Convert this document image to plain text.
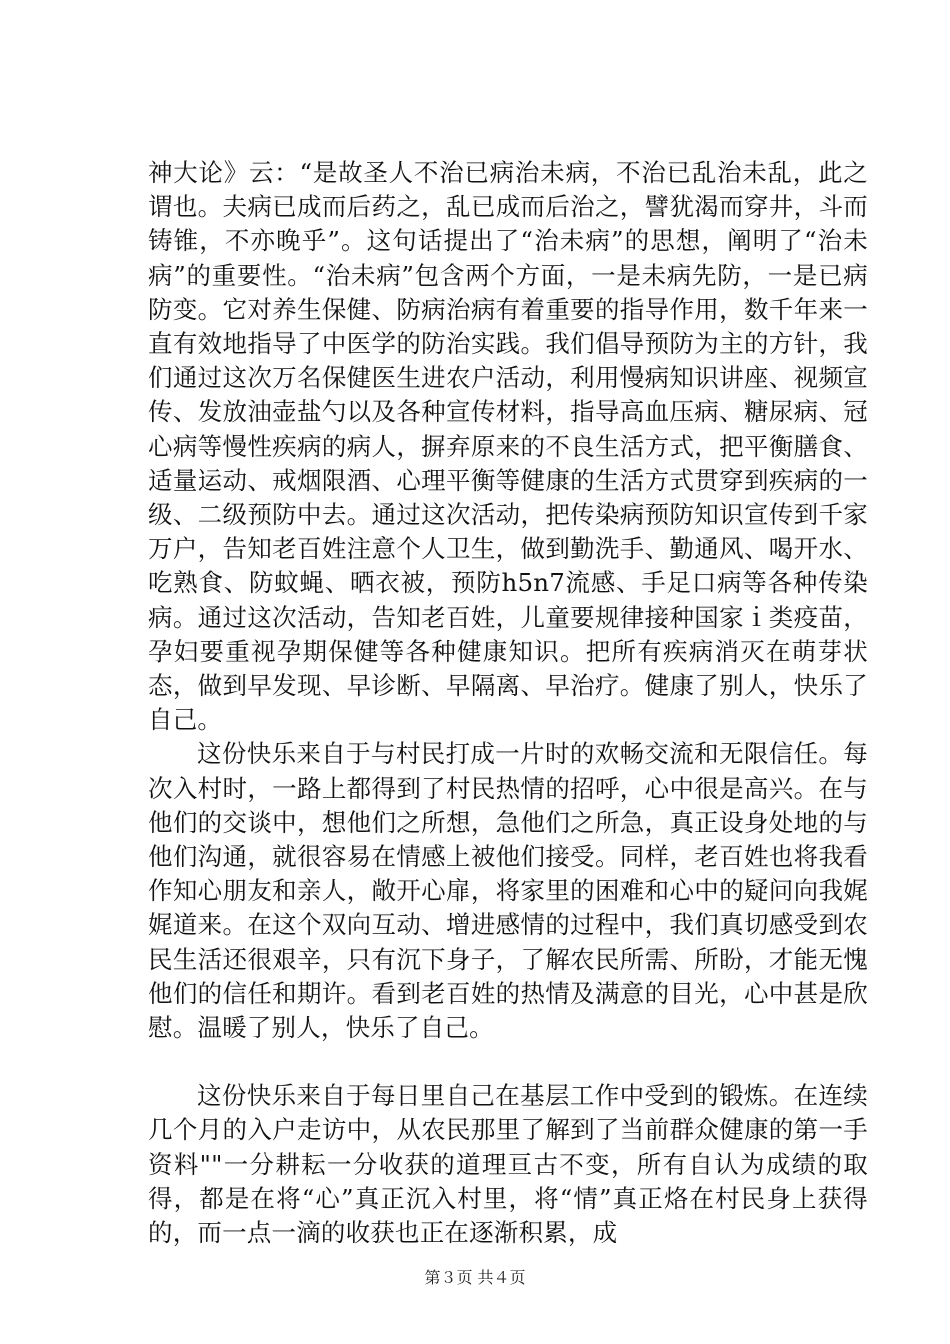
神大论》云：“是故圣人不治已病治未病，不治已乱治未乱，此之谓也。夫病已成而后药之，乱已成而后治之，譬犹渴而穿井，斗而铸锥，不亦晚乎”。这句话提出了“治未病”的思想，阐明了“治未病”的重要性。“治未病”包含两个方面，一是未病先防，一是已病防变。它对养生保健、防病治病有着重要的指导作用，数千年来一直有效地指导了中医学的防治实践。我们倡导预防为主的方针，我们通过这次万名保健医生进农户活动，利用慢病知识讲座、视频宣传、发放油壶盐勺以及各种宣传材料，指导高血压病、糖尿病、冠心病等慢性疾病的病人，摒弃原来的不良生活方式，把平衡膳食、适量运动、戒烟限酒、心理平衡等健康的生活方式贯穿到疾病的一级、二级预防中去。通过这次活动，把传染病预防知识宣传到千家万户，告知老百姓注意个人卫生，做到勤洗手、勤通风、喝开水、吃熟食、防蚊蝇、晒衣被，预防h5n7流感、手足口病等各种传染病。通过这次活动，告知老百姓，儿童要规律接种国家ｉ类疫苗，孕妇要重视孕期保健等各种健康知识。把所有疾病消灭在萌芽状态，做到早发现、早诊断、早隔离、早治疗。健康了别人，快乐了自己。

这份快乐来自于与村民打成一片时的欢畅交流和无限信任。每次入村时，一路上都得到了村民热情的招呼，心中很是高兴。在与他们的交谈中，想他们之所想，急他们之所急，真正设身处地的与他们沟通，就很容易在情感上被他们接受。同样，老百姓也将我看作知心朋友和亲人，敞开心扉，将家里的困难和心中的疑问向我娓娓道来。在这个双向互动、增进感情的过程中，我们真切感受到农民生活还很艰辛，只有沉下身子，了解农民所需、所盼，才能无愧他们的信任和期许。看到老百姓的热情及满意的目光，心中甚是欣慰。温暖了别人，快乐了自己。

这份快乐来自于每日里自己在基层工作中受到的锻炼。在连续几个月的入户走访中，从农民那里了解到了当前群众健康的第一手资料""一分耕耘一分收获的道理亘古不变，所有自认为成绩的取得，都是在将“心”真正沉入村里，将“情”真正烙在村民身上获得的，而一点一滴的收获也正在逐渐积累，成

第３页 共４页
